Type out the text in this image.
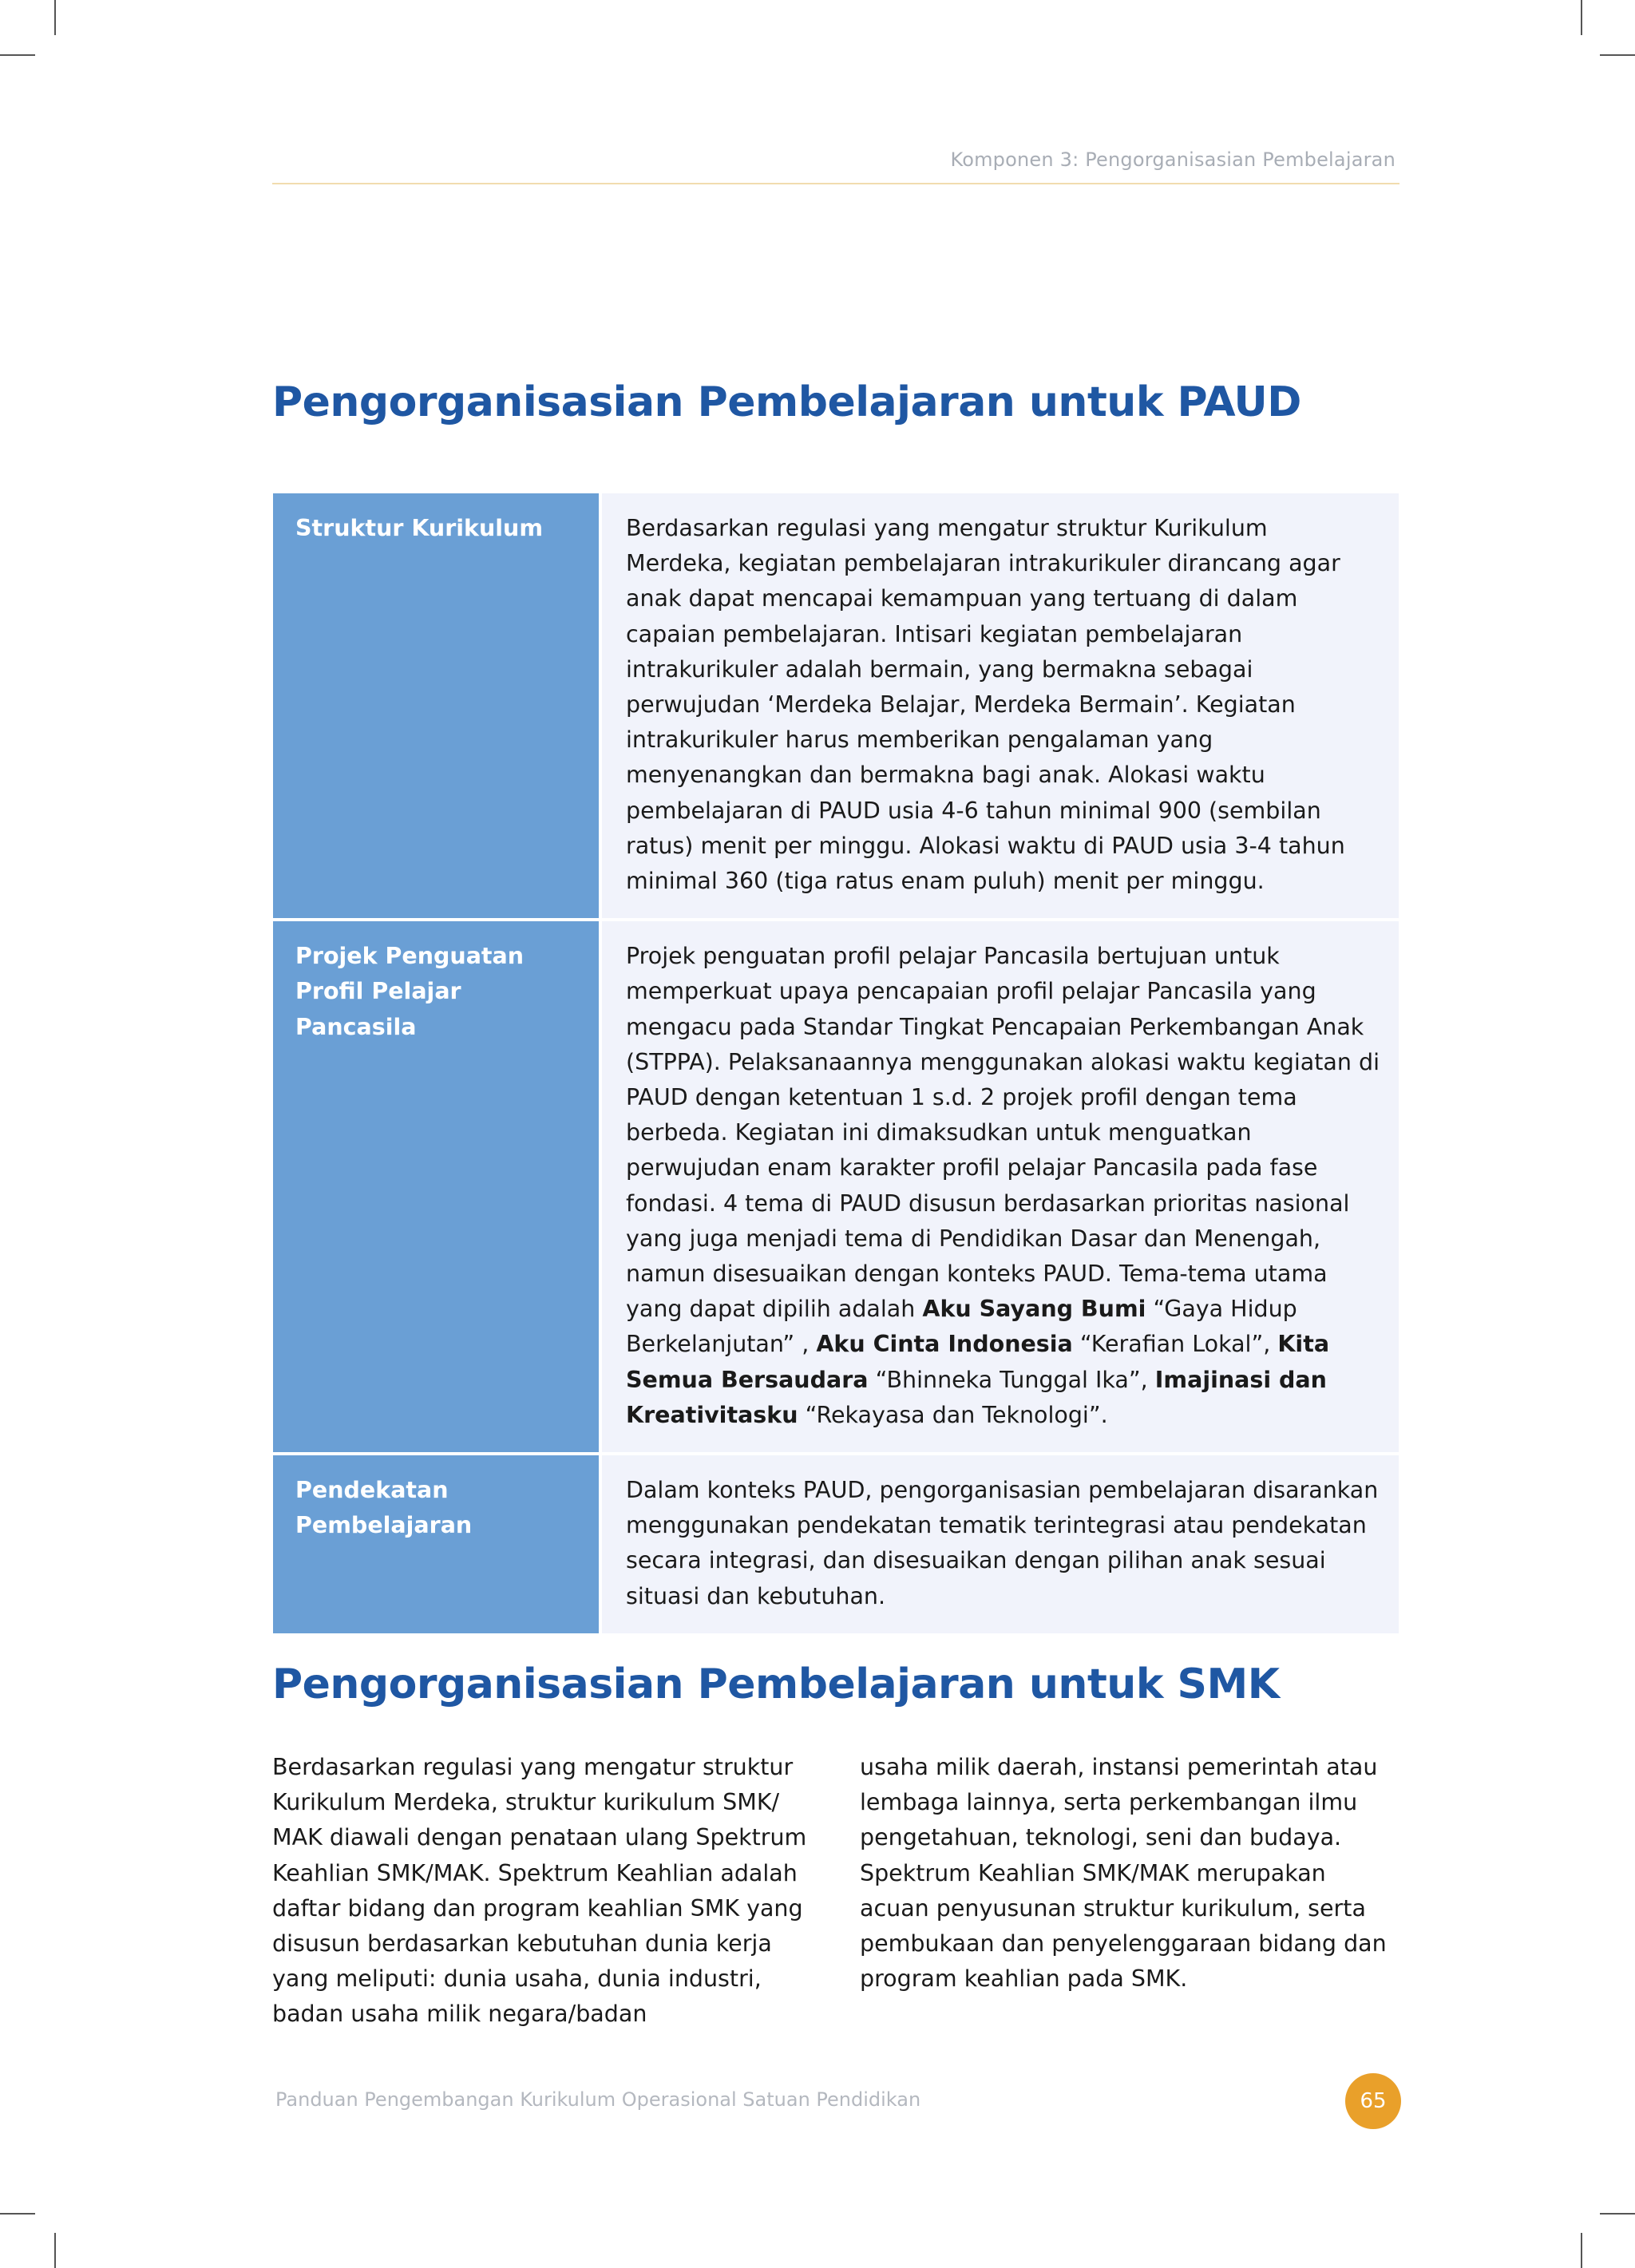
Komponen 3: Pengorganisasian Pembelajaran
Pengorganisasian Pembelajaran untuk PAUD
Struktur Kurikulum	Berdasarkan regulasi yang mengatur struktur Kurikulum Merdeka, kegiatan pembelajaran intrakurikuler dirancang agar anak dapat mencapai kemampuan yang tertuang di dalam capaian pembelajaran. Intisari kegiatan pembelajaran intrakurikuler adalah bermain, yang bermakna sebagai perwujudan ‘Merdeka Belajar, Merdeka Bermain’. Kegiatan intrakurikuler harus memberikan pengalaman yang menyenangkan dan bermakna bagi anak. Alokasi waktu pembelajaran di PAUD usia 4-6 tahun minimal 900 (sembilan ratus) menit per minggu. Alokasi waktu di PAUD usia 3-4 tahun minimal 360 (tiga ratus enam puluh) menit per minggu.
Projek Penguatan
Profil Pelajar Pancasila	Projek penguatan profil pelajar Pancasila bertujuan untuk memperkuat upaya pencapaian profil pelajar Pancasila yang mengacu pada Standar Tingkat Pencapaian Perkembangan Anak (STPPA). Pelaksanaannya menggunakan alokasi waktu kegiatan di PAUD dengan ketentuan 1 s.d. 2 projek profil dengan tema berbeda. Kegiatan ini dimaksudkan untuk menguatkan perwujudan enam karakter profil pelajar Pancasila pada fase fondasi. 4 tema di PAUD disusun berdasarkan prioritas nasional yang juga menjadi tema di Pendidikan Dasar dan Menengah, namun disesuaikan dengan konteks PAUD. Tema-tema utama yang dapat dipilih adalah Aku Sayang Bumi “Gaya Hidup Berkelanjutan” , Aku Cinta Indonesia “Kerafian Lokal”, Kita Semua Bersaudara “Bhinneka Tunggal Ika”, Imajinasi dan Kreativitasku “Rekayasa dan Teknologi”.
Pendekatan
Pembelajaran	Dalam konteks PAUD, pengorganisasian pembelajaran disarankan menggunakan pendekatan tematik terintegrasi atau pendekatan secara integrasi, dan disesuaikan dengan pilihan anak sesuai situasi dan kebutuhan.
Pengorganisasian Pembelajaran untuk SMK

Berdasarkan regulasi yang mengatur struktur Kurikulum Merdeka, struktur kurikulum SMK/ MAK diawali dengan penataan ulang Spektrum Keahlian SMK/MAK. Spektrum Keahlian adalah daftar bidang dan program keahlian SMK yang disusun berdasarkan kebutuhan dunia kerja yang meliputi: dunia usaha, dunia industri, badan usaha milik negara/badan

usaha milik daerah, instansi pemerintah atau lembaga lainnya, serta perkembangan ilmu pengetahuan, teknologi, seni dan budaya. Spektrum Keahlian SMK/MAK merupakan acuan penyusunan struktur kurikulum, serta pembukaan dan penyelenggaraan bidang dan program keahlian pada SMK.

Panduan Pengembangan Kurikulum Operasional Satuan Pendidikan	65
